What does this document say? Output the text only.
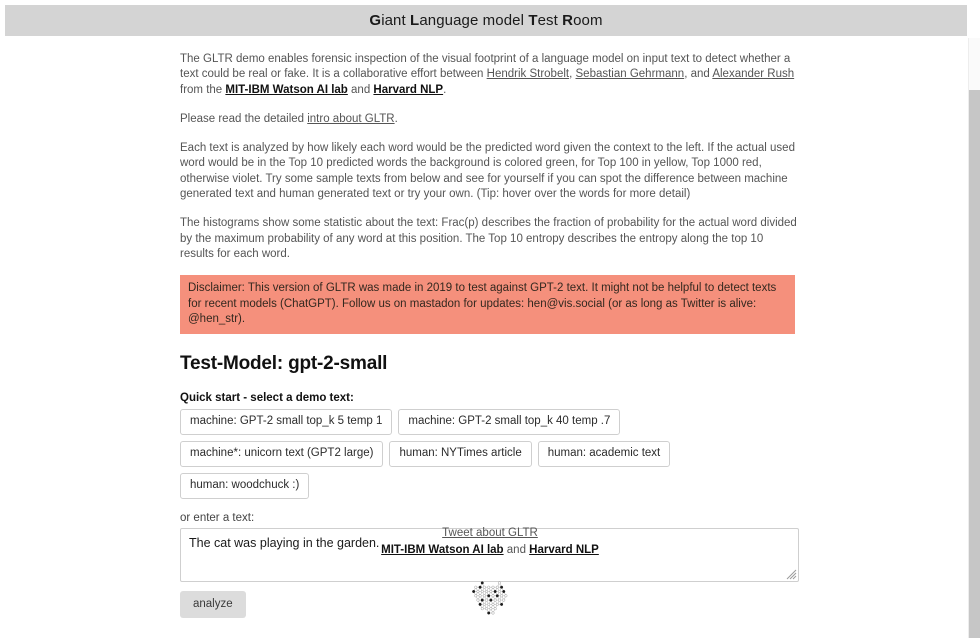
Giant Language model Test Room

The GLTR demo enables forensic inspection of the visual footprint of a language model on input text to detect whether a text could be real or fake. It is a collaborative effort between Hendrik Strobelt, Sebastian Gehrmann, and Alexander Rush from the MIT-IBM Watson AI lab and Harvard NLP.

Please read the detailed intro about GLTR.

Each text is analyzed by how likely each word would be the predicted word given the context to the left. If the actual used word would be in the Top 10 predicted words the background is colored green, for Top 100 in yellow, Top 1000 red, otherwise violet. Try some sample texts from below and see for yourself if you can spot the difference between machine generated text and human generated text or try your own. (Tip: hover over the words for more detail)

The histograms show some statistic about the text: Frac(p) describes the fraction of probability for the actual word divided by the maximum probability of any word at this position. The Top 10 entropy describes the entropy along the top 10 results for each word.

Disclaimer: This version of GLTR was made in 2019 to test against GPT-2 text. It might not be helpful to detect texts for recent models (ChatGPT). Follow us on mastadon for updates: hen@vis.social (or as long as Twitter is alive: @hen_str).
Test-Model: gpt-2-small
Quick start - select a demo text:
machine: GPT-2 small top_k 5 temp 1	machine: GPT-2 small top_k 40 temp .7
machine*: unicorn text (GPT2 large)	human: NYTimes article	human: academic text
human: woodchuck :)
or enter a text:
The cat was playing in the garden.
analyze
Tweet about GLTR
MIT-IBM Watson AI lab and Harvard NLP
